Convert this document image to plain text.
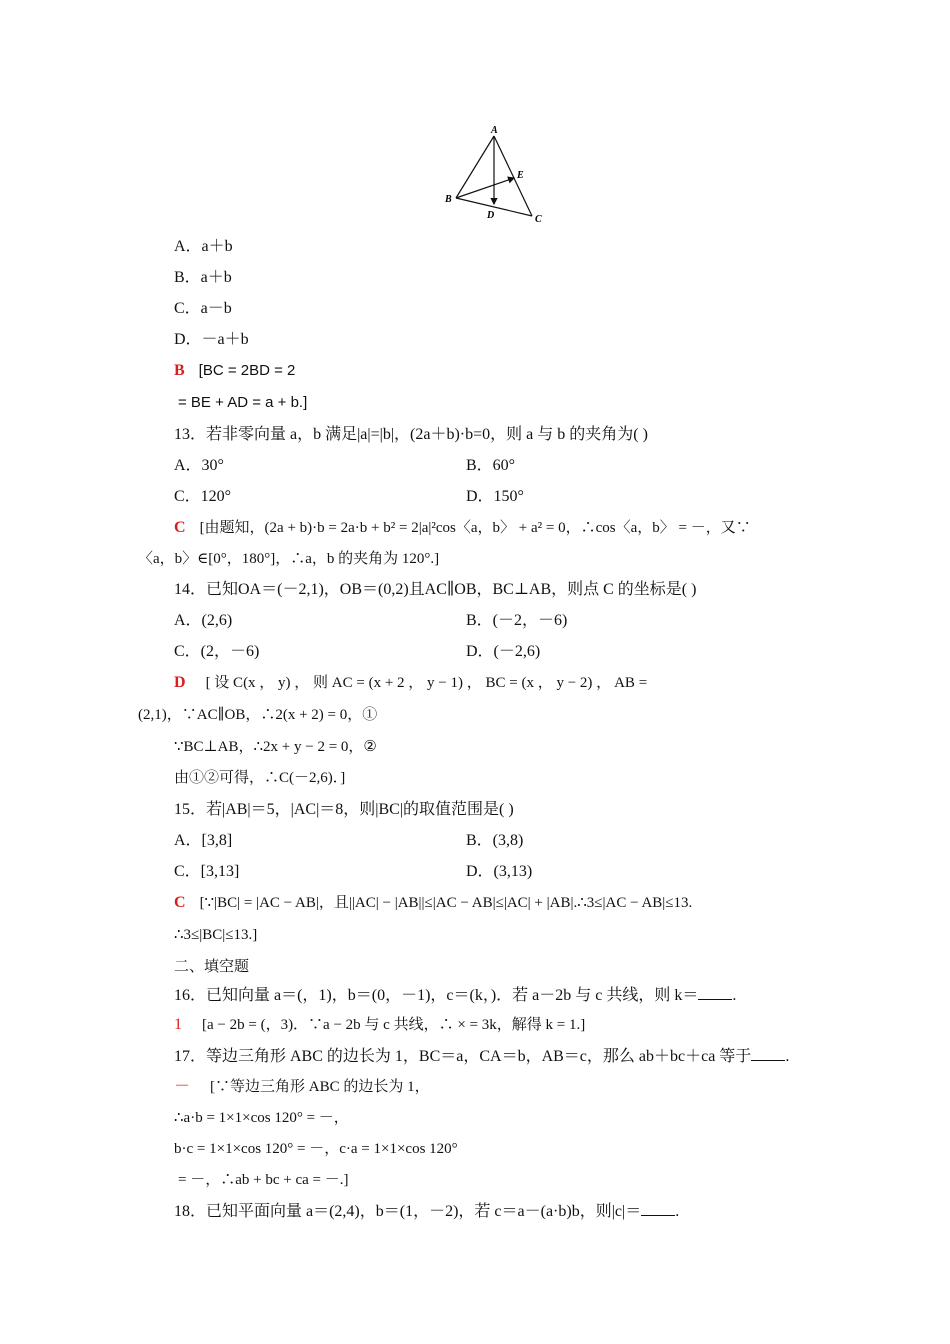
A
B
C
D
E
A．a＋b
B．a＋b
C．a－b
D．－a＋b
B [BC = 2BD = 2
= BE + AD = a + b.]
13．若非零向量 a，b 满足|a|=|b|，(2a＋b)·b=0，则 a 与 b 的夹角为( )
A．30°	B．60°
C．120°	D．150°
C [由题知，(2a + b)·b = 2a·b + b² = 2|a|²cos〈a，b〉 + a² = 0，∴cos〈a，b〉 = －，又∵
〈a，b〉∈[0°，180°]，∴a，b 的夹角为 120°.]
14．已知OA＝(－2,1)，OB＝(0,2)且AC∥OB，BC⊥AB，则点 C 的坐标是( )
A．(2,6)	B．(－2，－6)
C．(2，－6)	D．(－2,6)
D [ 设 C(x ， y) ， 则 AC = (x + 2 ， y − 1) ， BC = (x ， y − 2) ， AB =
(2,1)，∵AC∥OB，∴2(x + 2) = 0，①
∵BC⊥AB，∴2x + y − 2 = 0，②
由①②可得，∴C(－2,6)．]
15．若|AB|＝5，|AC|＝8，则|BC|的取值范围是( )
A．[3,8]	B．(3,8)
C．[3,13]	D．(3,13)
C [∵|BC| = |AC − AB|，且||AC| − |AB||≤|AC − AB|≤|AC| + |AB|.∴3≤|AC − AB|≤13.
∴3≤|BC|≤13.]
二、填空题
16．已知向量 a＝(，1)，b＝(0，－1)，c＝(k，)．若 a－2b 与 c 共线，则 k＝ .
1 [a − 2b = (，3)．∵a − 2b 与 c 共线，∴ × = 3k，解得 k = 1.]
17．等边三角形 ABC 的边长为 1，BC＝a，CA＝b，AB＝c，那么 ab＋bc＋ca 等于 .
－ [∵等边三角形 ABC 的边长为 1，
∴a·b = 1×1×cos 120° = －，
b·c = 1×1×cos 120° = －，c·a = 1×1×cos 120°
= －，∴ab + bc + ca = －.]
18．已知平面向量 a＝(2,4)，b＝(1，－2)，若 c＝a－(a·b)b，则|c|＝ .
